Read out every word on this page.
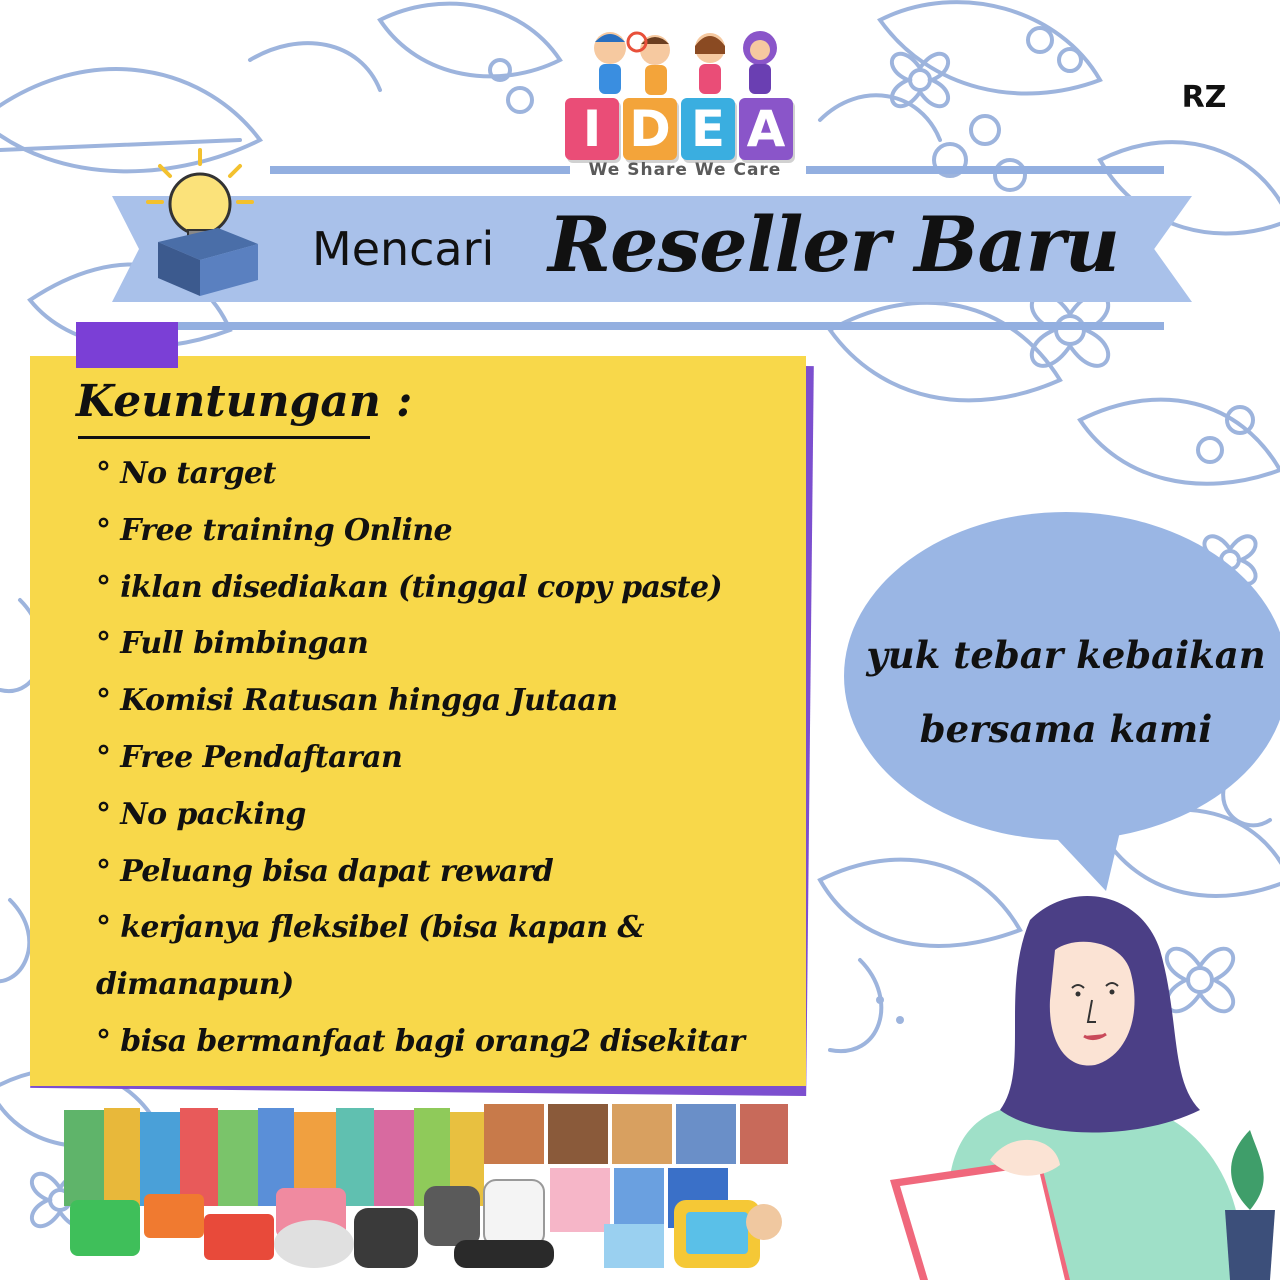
I D E A
We Share We Care
RZ
Mencari Reseller Baru
Keuntungan :
° No target
° Free training Online
° iklan disediakan (tinggal copy paste)
° Full bimbingan
° Komisi Ratusan hingga Jutaan
° Free Pendaftaran
° No packing
° Peluang bisa dapat reward
° kerjanya fleksibel (bisa kapan &
dimanapun)
° bisa bermanfaat bagi orang2 disekitar
yuk tebar kebaikan
bersama kami
